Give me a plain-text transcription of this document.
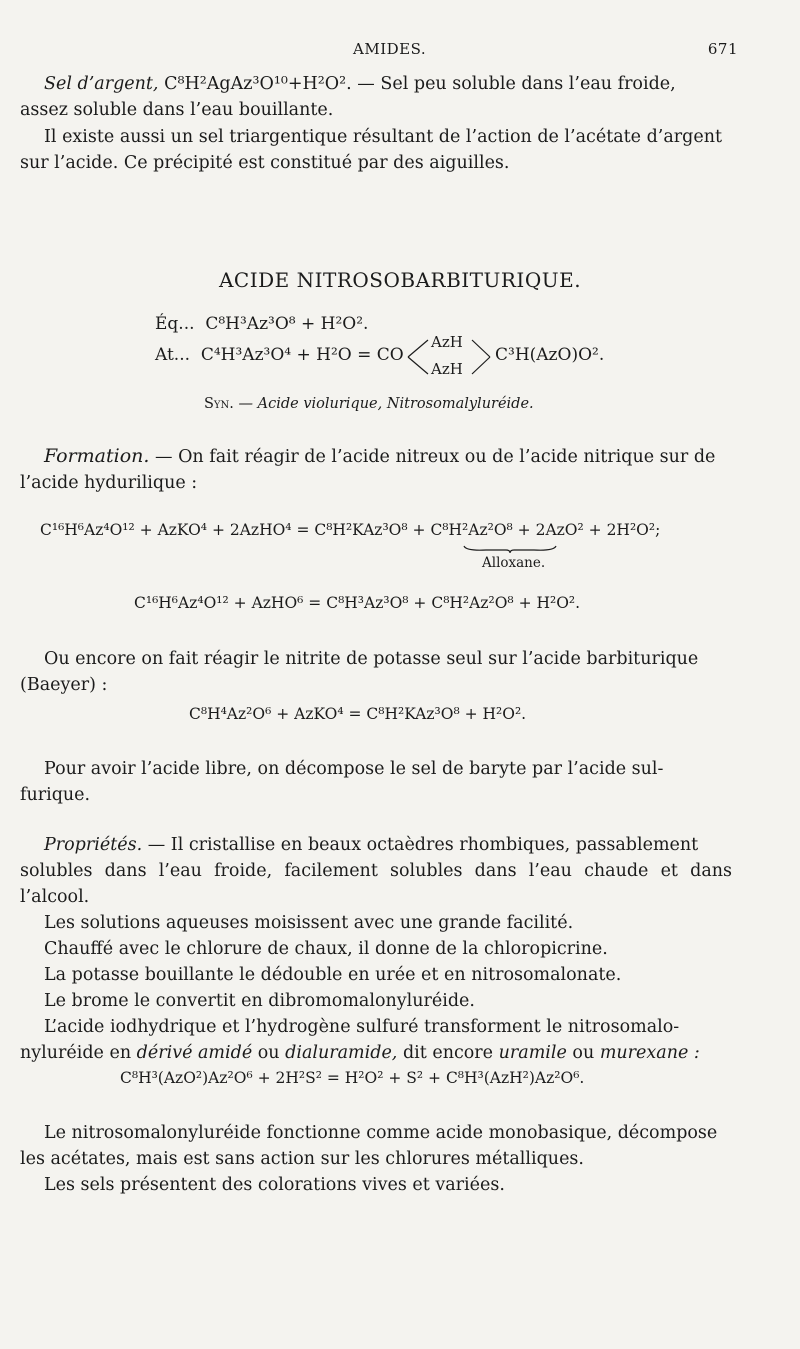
AMIDES.	671

Sel d’argent, C⁸H²AgAz³O¹⁰+H²O². — Sel peu soluble dans l’eau froide,

assez soluble dans l’eau bouillante.

Il existe aussi un sel triargentique résultant de l’action de l’acétate d’argent

sur l’acide. Ce précipité est constitué par des aiguilles.

ACIDE NITROSOBARBITURIQUE.
Éq... C⁸H³Az³O⁸ + H²O².
At... C⁴H³Az³O⁴ + H²O = CO
AzH
AzH
C³H(AzO)O².
Syn. — Acide violurique, Nitrosomalyluréide.

Formation. — On fait réagir de l’acide nitreux ou de l’acide nitrique sur de

l’acide hydurilique :

C¹⁶H⁶Az⁴O¹² + AzKO⁴ + 2AzHO⁴ = C⁸H²KAz³O⁸ + C⁸H²Az²O⁸ + 2AzO² + 2H²O²;
Alloxane.
C¹⁶H⁶Az⁴O¹² + AzHO⁶ = C⁸H³Az³O⁸ + C⁸H²Az²O⁸ + H²O².

Ou encore on fait réagir le nitrite de potasse seul sur l’acide barbiturique

(Baeyer) :

C⁸H⁴Az²O⁶ + AzKO⁴ = C⁸H²KAz³O⁸ + H²O².

Pour avoir l’acide libre, on décompose le sel de baryte par l’acide sul-

furique.

Propriétés. — Il cristallise en beaux octaèdres rhombiques, passablement

solubles dans l’eau froide, facilement solubles dans l’eau chaude et dans l’alcool.

Les solutions aqueuses moisissent avec une grande facilité.

Chauffé avec le chlorure de chaux, il donne de la chloropicrine.

La potasse bouillante le dédouble en urée et en nitrosomalonate.

Le brome le convertit en dibromomalonyluréide.

L’acide iodhydrique et l’hydrogène sulfuré transforment le nitrosomalo-

nyluréide en dérivé amidé ou dialuramide, dit encore uramile ou murexane :

C⁸H³(AzO²)Az²O⁶ + 2H²S² = H²O² + S² + C⁸H³(AzH²)Az²O⁶.

Le nitrosomalonyluréide fonctionne comme acide monobasique, décompose

les acétates, mais est sans action sur les chlorures métalliques.

Les sels présentent des colorations vives et variées.
